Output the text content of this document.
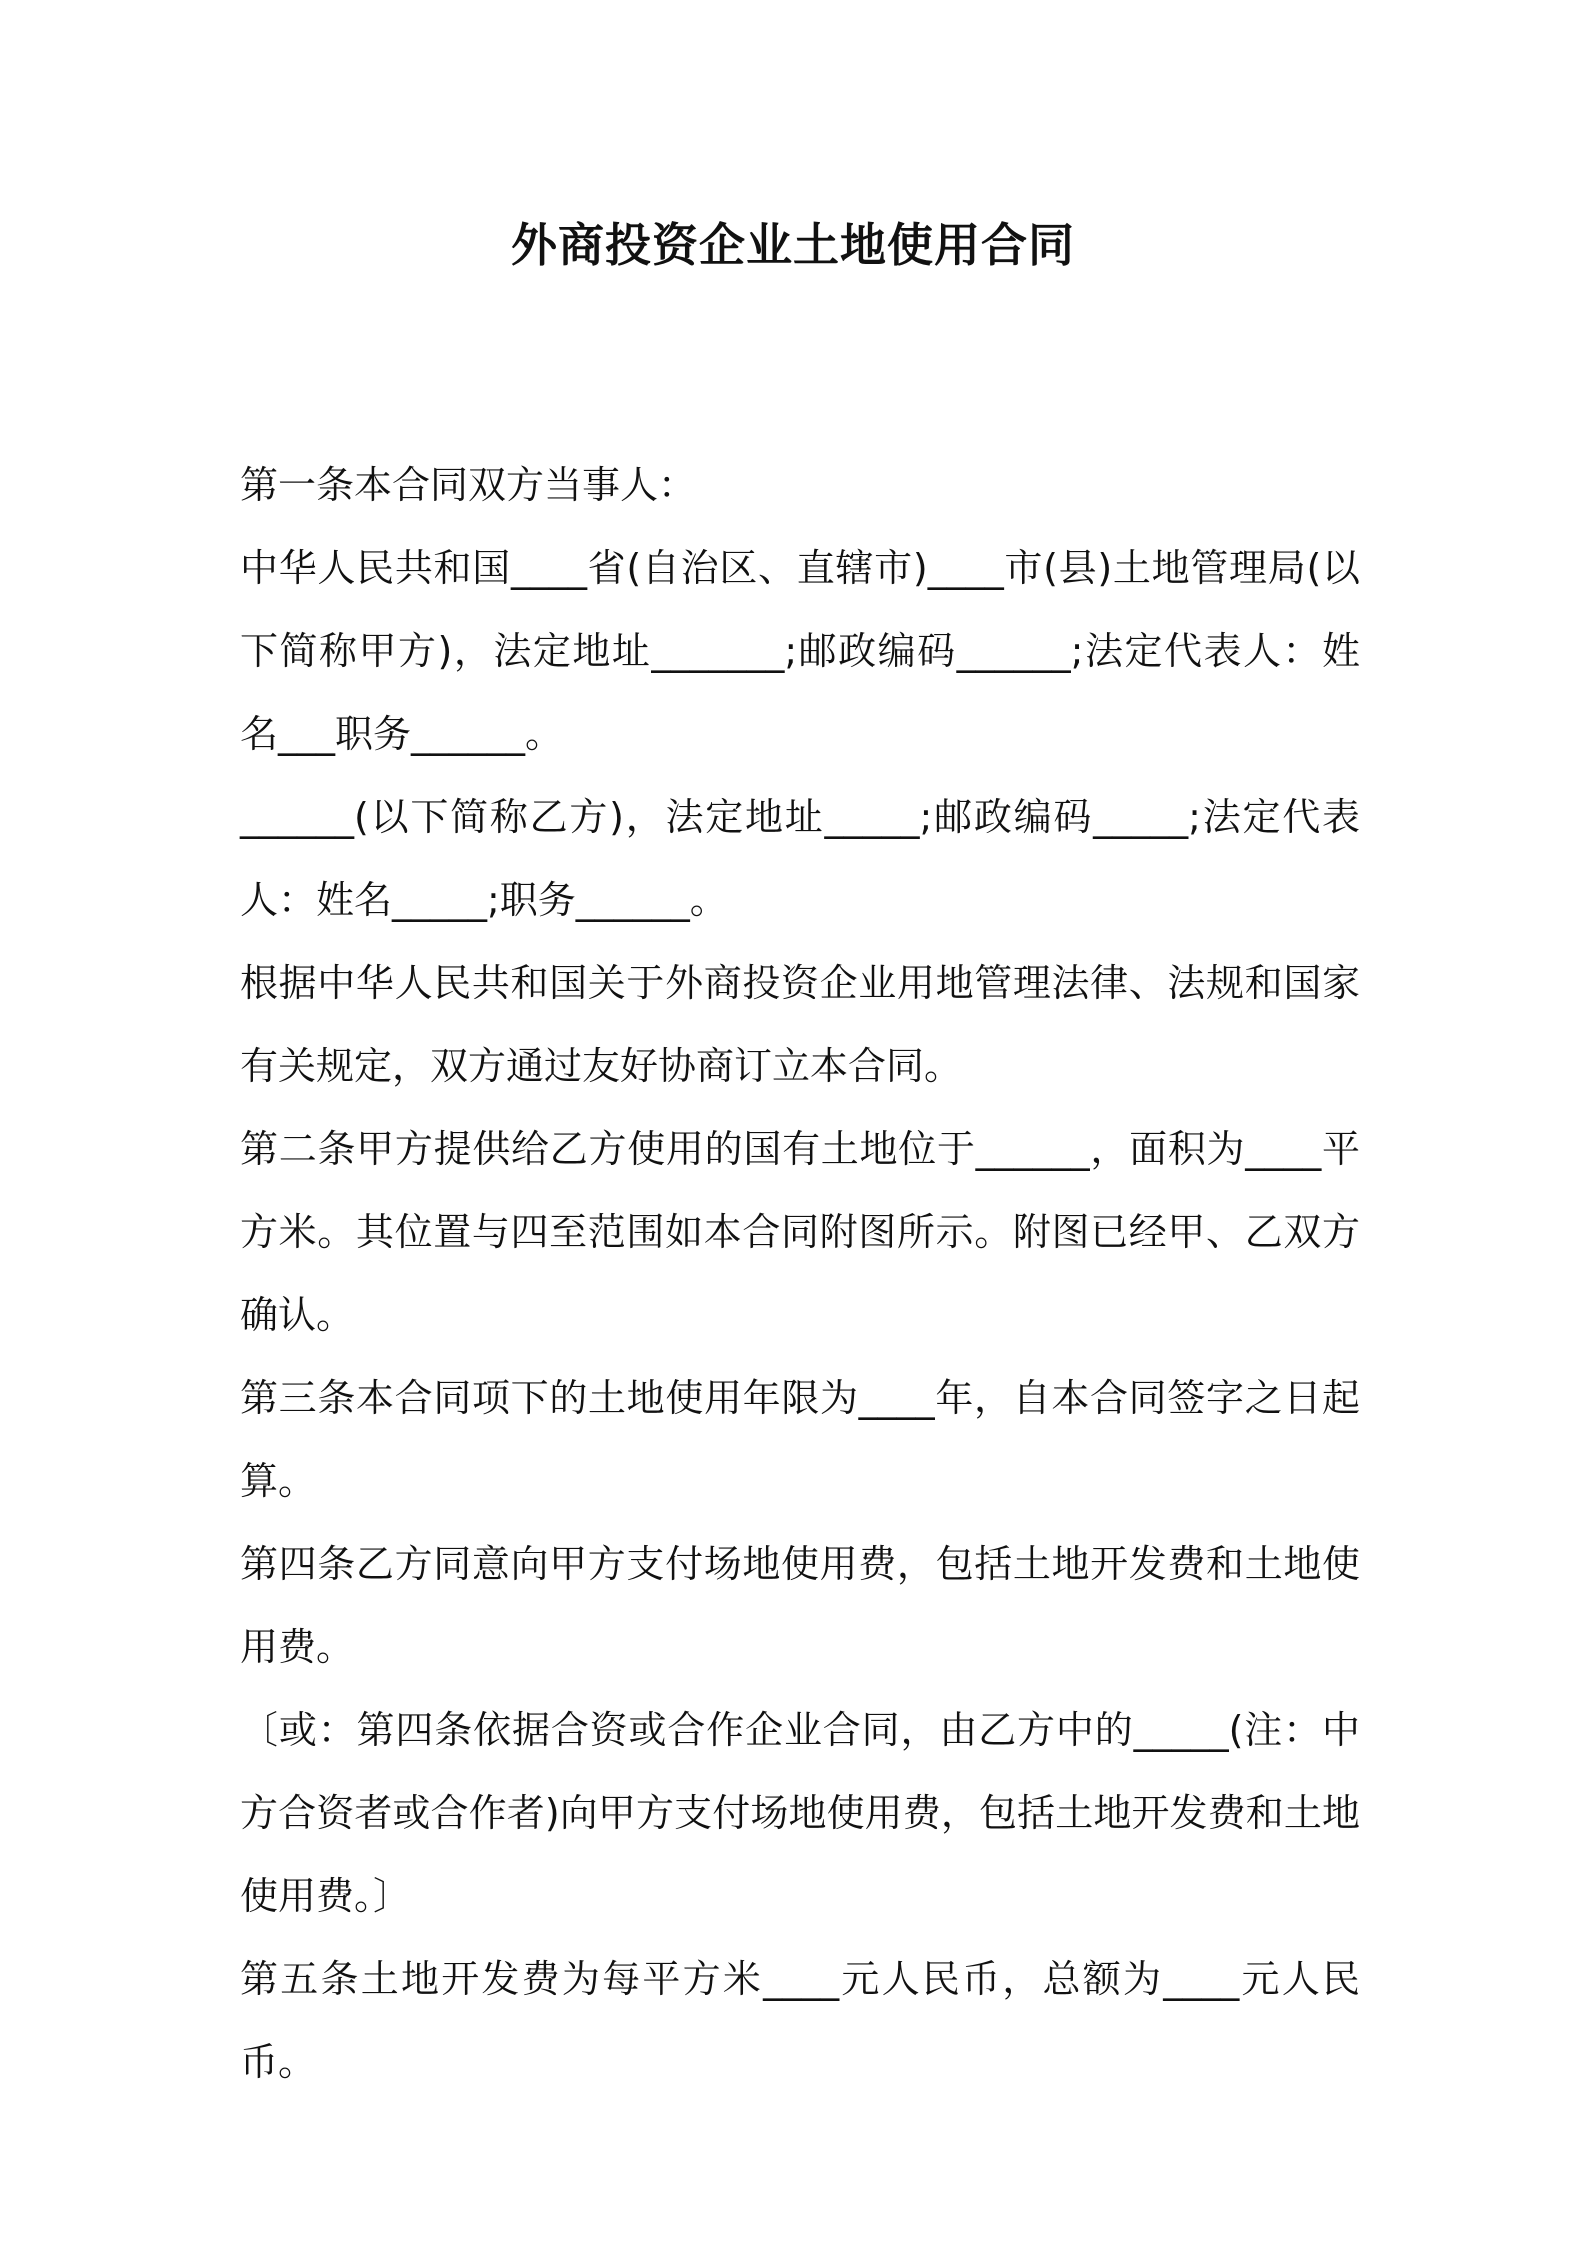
外商投资企业土地使用合同

第一条本合同双方当事人：

中华人民共和国____省(自治区、直辖市)____市(县)土地管理局(以下简称甲方)，法定地址_______;邮政编码______;法定代表人：姓名___职务______。

______(以下简称乙方)，法定地址_____;邮政编码_____;法定代表人：姓名_____;职务______。

根据中华人民共和国关于外商投资企业用地管理法律、法规和国家有关规定，双方通过友好协商订立本合同。

第二条甲方提供给乙方使用的国有土地位于______，面积为____平方米。其位置与四至范围如本合同附图所示。附图已经甲、乙双方确认。

第三条本合同项下的土地使用年限为____年，自本合同签字之日起算。

第四条乙方同意向甲方支付场地使用费，包括土地开发费和土地使用费。

〔或：第四条依据合资或合作企业合同，由乙方中的_____(注：中方合资者或合作者)向甲方支付场地使用费，包括土地开发费和土地使用费。〕

第五条土地开发费为每平方米____元人民币，总额为____元人民币。
